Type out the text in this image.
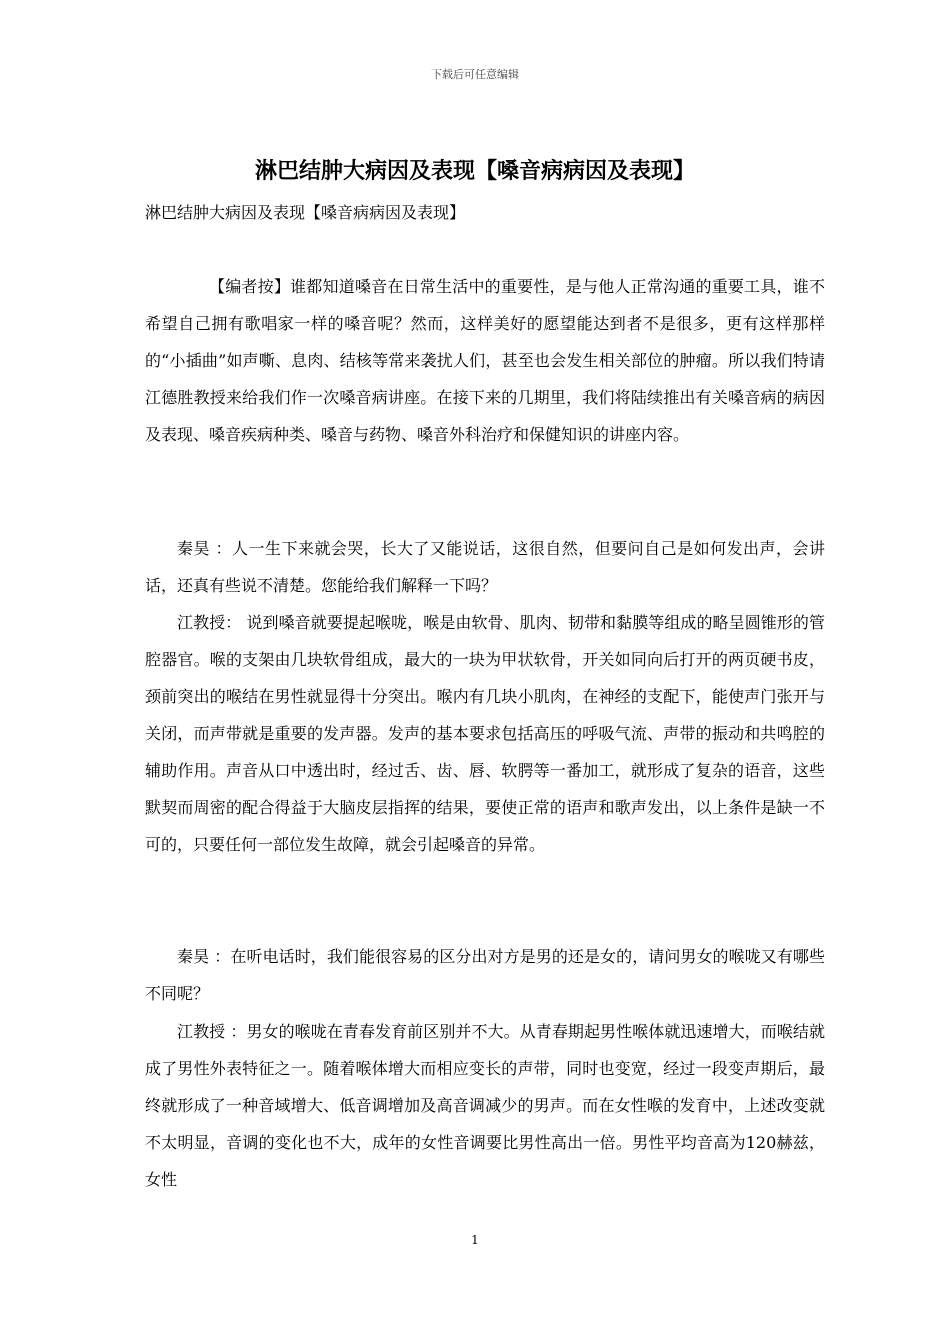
下载后可任意编辑
淋巴结肿大病因及表现【嗓音病病因及表现】

淋巴结肿大病因及表现【嗓音病病因及表现】

【编者按】谁都知道嗓音在日常生活中的重要性，是与他人正常沟通的重要工具，谁不希望自己拥有歌唱家一样的嗓音呢？然而，这样美好的愿望能达到者不是很多，更有这样那样的“小插曲”如声嘶、息肉、结核等常来袭扰人们，甚至也会发生相关部位的肿瘤。所以我们特请江德胜教授来给我们作一次嗓音病讲座。在接下来的几期里，我们将陆续推出有关嗓音病的病因及表现、嗓音疾病种类、嗓音与药物、嗓音外科治疗和保健知识的讲座内容。

秦昊 ：人一生下来就会哭，长大了又能说话，这很自然，但要问自己是如何发出声，会讲话，还真有些说不清楚。您能给我们解释一下吗？

江教授： 说到嗓音就要提起喉咙，喉是由软骨、肌肉、韧带和黏膜等组成的略呈圆锥形的管腔器官。喉的支架由几块软骨组成，最大的一块为甲状软骨，开关如同向后打开的两页硬书皮，颈前突出的喉结在男性就显得十分突出。喉内有几块小肌肉，在神经的支配下，能使声门张开与关闭，而声带就是重要的发声器。发声的基本要求包括高压的呼吸气流、声带的振动和共鸣腔的辅助作用。声音从口中透出时，经过舌、齿、唇、软腭等一番加工，就形成了复杂的语音，这些默契而周密的配合得益于大脑皮层指挥的结果，要使正常的语声和歌声发出，以上条件是缺一不可的，只要任何一部位发生故障，就会引起嗓音的异常。

秦昊 ：在听电话时，我们能很容易的区分出对方是男的还是女的，请问男女的喉咙又有哪些不同呢？

江教授 ：男女的喉咙在青春发育前区别并不大。从青春期起男性喉体就迅速增大，而喉结就成了男性外表特征之一。随着喉体增大而相应变长的声带，同时也变宽，经过一段变声期后，最终就形成了一种音域增大、低音调增加及高音调减少的男声。而在女性喉的发育中，上述改变就不太明显，音调的变化也不大，成年的女性音调要比男性高出一倍。男性平均音高为120赫兹，女性

1
